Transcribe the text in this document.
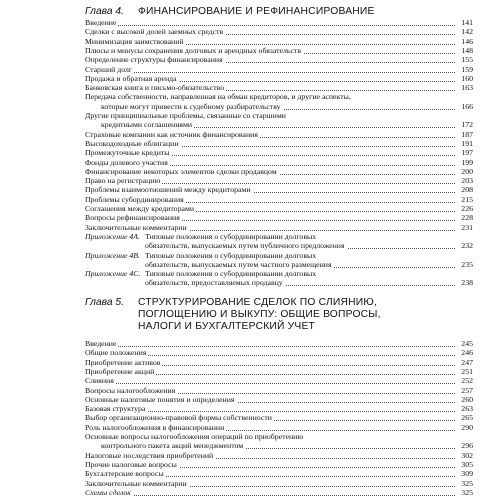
Глава 4. ФИНАНСИРОВАНИЕ И РЕФИНАНСИРОВАНИЕ
Введение	141
Сделки с высокой долей заемных средств	142
Минимизация заимствований	146
Плюсы и минусы сохранения долговых и арендных обязательств	148
Определение структуры финансирования	155
Старший долг	159
Продажа и обратная аренда	160
Банковская книга и письмо-обязательство	163
Передача собственности, направленная на обман кредиторов, и другие аспекты,
которые могут привести к судебному разбирательству	166
Другие принципиальные проблемы, связанные со старшими
кредитными соглашениями	172
Страховые компании как источник финансирования	187
Высокодоходные облигации	191
Промежуточные кредиты	197
Фонды долевого участия	199
Финансирование некоторых элементов сделки продавцом	200
Право на регистрацию	203
Проблемы взаимоотношений между кредиторами	208
Проблемы субординирования	215
Соглашения между кредиторами	226
Вопросы рефинансирования	228
Заключительные комментарии	231
Приложение 4А. Типовые положения о субординировании долговых
обязательств, выпускаемых путем публичного предложения	232
Приложение 4В. Типовые положения о субординировании долговых
обязательств, выпускаемых путем частного размещения	235
Приложение 4С. Типовые положения о субординировании долговых
обязательств, предоставляемых продавцу	238
Глава 5. СТРУКТУРИРОВАНИЕ СДЕЛОК ПО СЛИЯНИЮ,
ПОГЛОЩЕНИЮ И ВЫКУПУ: ОБЩИЕ ВОПРОСЫ,
НАЛОГИ И БУХГАЛТЕРСКИЙ УЧЕТ
Введение	245
Общие положения	246
Приобретение активов	247
Приобретение акций	251
Слияния	252
Вопросы налогообложения	257
Основные налоговые понятия и определения	260
Базовая структура	263
Выбор организационно-правовой формы собственности	265
Роль налогообложения в финансировании	290
Основные вопросы налогообложения операций по приобретению
контрольного пакета акций менеджментом	296
Налоговые последствия приобретений	302
Прочие налоговые вопросы	305
Бухгалтерские вопросы	309
Заключительные комментарии	325
Схемы сделок	325
